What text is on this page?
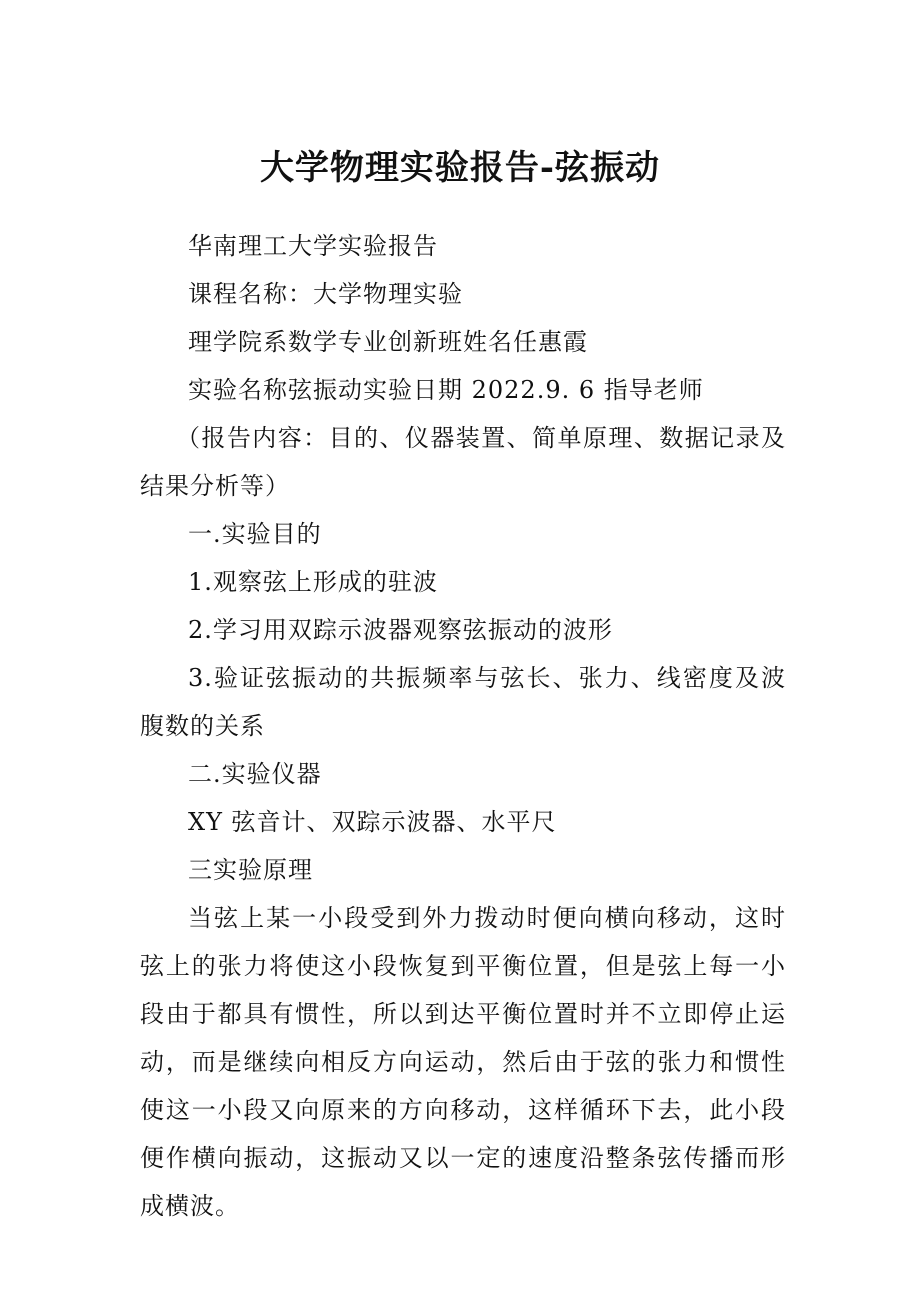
大学物理实验报告-弦振动

华南理工大学实验报告

课程名称：大学物理实验

理学院系数学专业创新班姓名任惠霞

实验名称弦振动实验日期 2022.9. 6 指导老师

（报告内容：目的、仪器装置、简单原理、数据记录及结果分析等）

一.实验目的

1.观察弦上形成的驻波

2.学习用双踪示波器观察弦振动的波形

3.验证弦振动的共振频率与弦长、张力、线密度及波腹数的关系

二.实验仪器

XY 弦音计、双踪示波器、水平尺

三实验原理

当弦上某一小段受到外力拨动时便向横向移动，这时弦上的张力将使这小段恢复到平衡位置，但是弦上每一小段由于都具有惯性，所以到达平衡位置时并不立即停止运动，而是继续向相反方向运动，然后由于弦的张力和惯性使这一小段又向原来的方向移动，这样循环下去，此小段便作横向振动，这振动又以一定的速度沿整条弦传播而形成横波。
